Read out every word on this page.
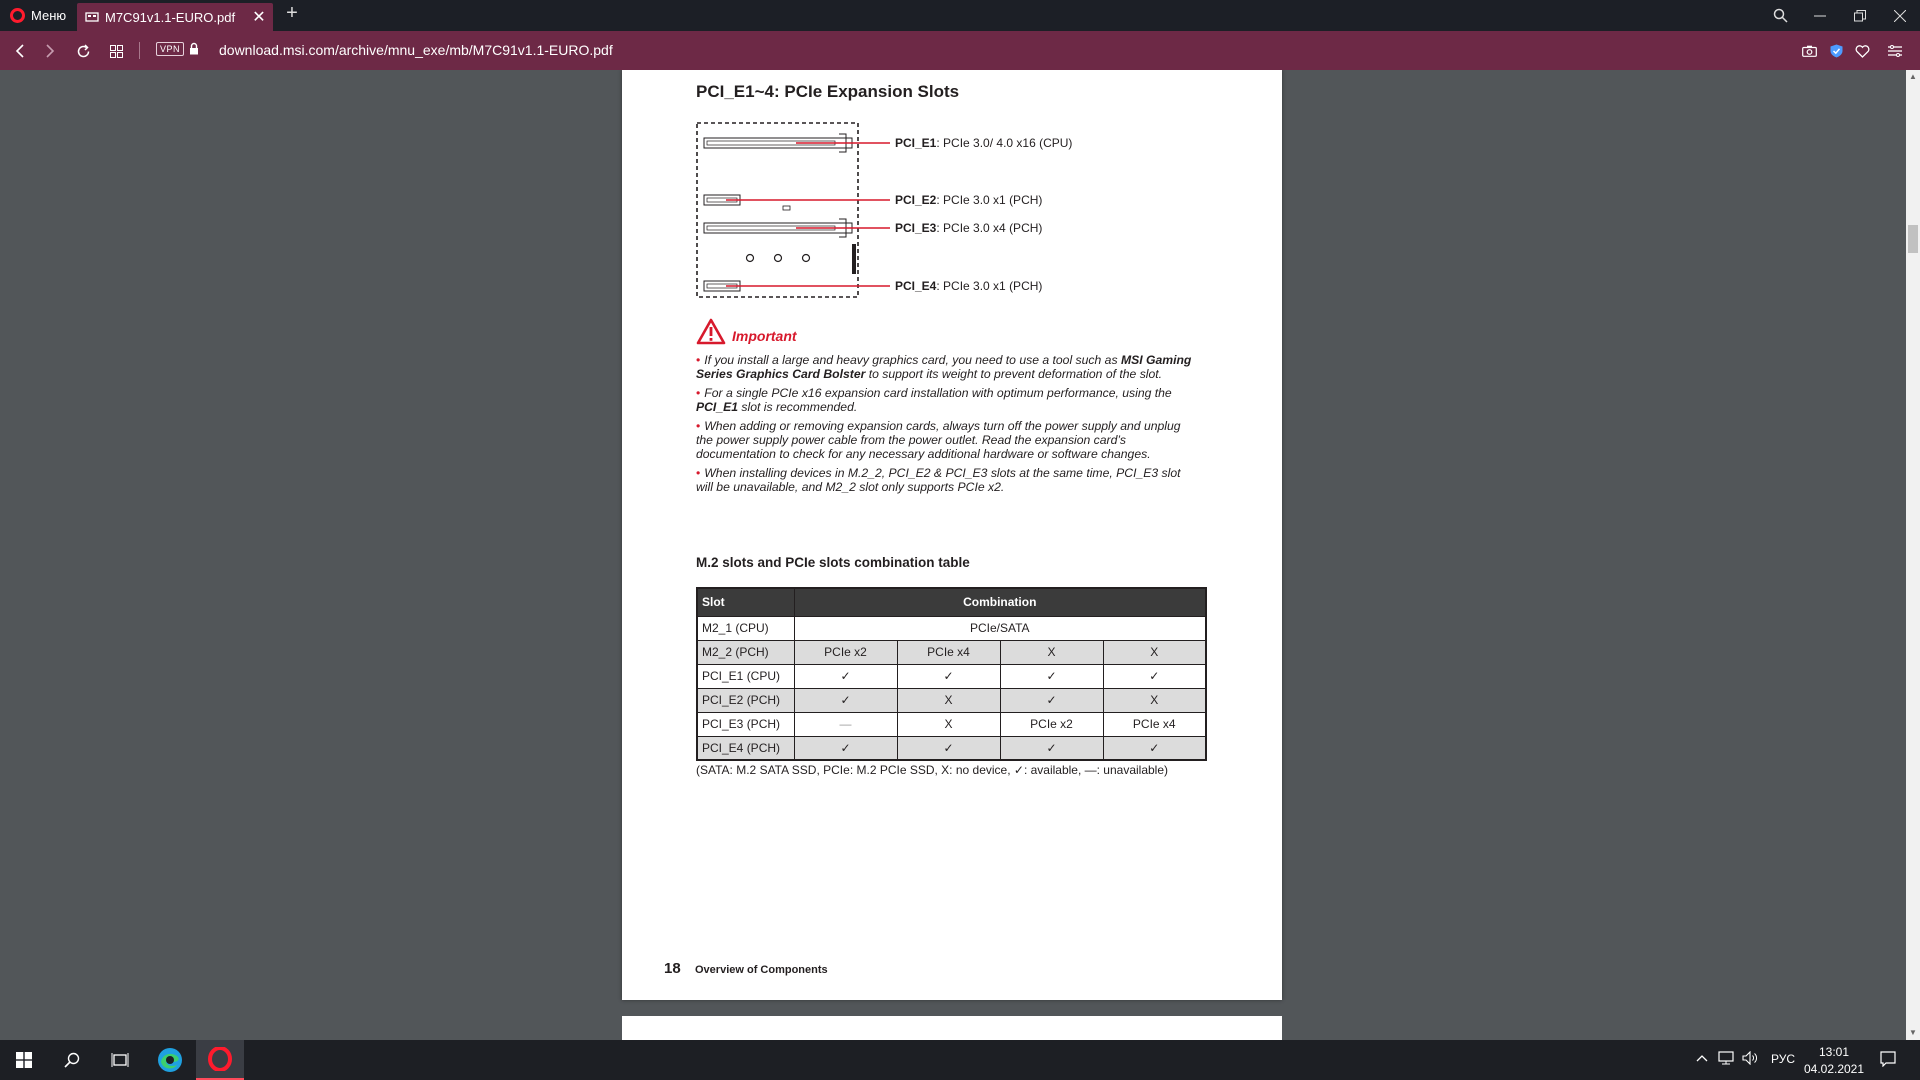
Меню	M7C91v1.1-EURO.pdf	✕	+
VPN	download.msi.com/archive/mnu_exe/mb/M7C91v1.1-EURO.pdf
PCI_E1~4: PCIe Expansion Slots
PCI_E1: PCIe 3.0/ 4.0 x16 (CPU)
PCI_E2: PCIe 3.0 x1 (PCH)
PCI_E3: PCIe 3.0 x4 (PCH)
PCI_E4: PCIe 3.0 x1 (PCH)
Important
• If you install a large and heavy graphics card, you need to use a tool such as MSI Gaming Series Graphics Card Bolster to support its weight to prevent deformation of the slot.
• For a single PCIe x16 expansion card installation with optimum performance, using the PCI_E1 slot is recommended.
• When adding or removing expansion cards, always turn off the power supply and unplug the power supply power cable from the power outlet. Read the expansion card’s documentation to check for any necessary additional hardware or software changes.
• When installing devices in M.2_2, PCI_E2 & PCI_E3 slots at the same time, PCI_E3 slot will be unavailable, and M2_2 slot only supports PCIe x2.
M.2 slots and PCIe slots combination table
Slot	Combination			
M2_1 (CPU)	PCIe/SATA			
M2_2 (PCH)	PCIe x2	PCIe x4	X	X
PCI_E1 (CPU)	✓	✓	✓	✓
PCI_E2 (PCH)	✓	X	✓	X
PCI_E3 (PCH)	—	X	PCIe x2	PCIe x4
PCI_E4 (PCH)	✓	✓	✓	✓
(SATA: M.2 SATA SSD, PCIe: M.2 PCIe SSD, X: no device, ✓: available, —: unavailable)
18 Overview of Components
▲
▼
РУС	13:01
04.02.2021
